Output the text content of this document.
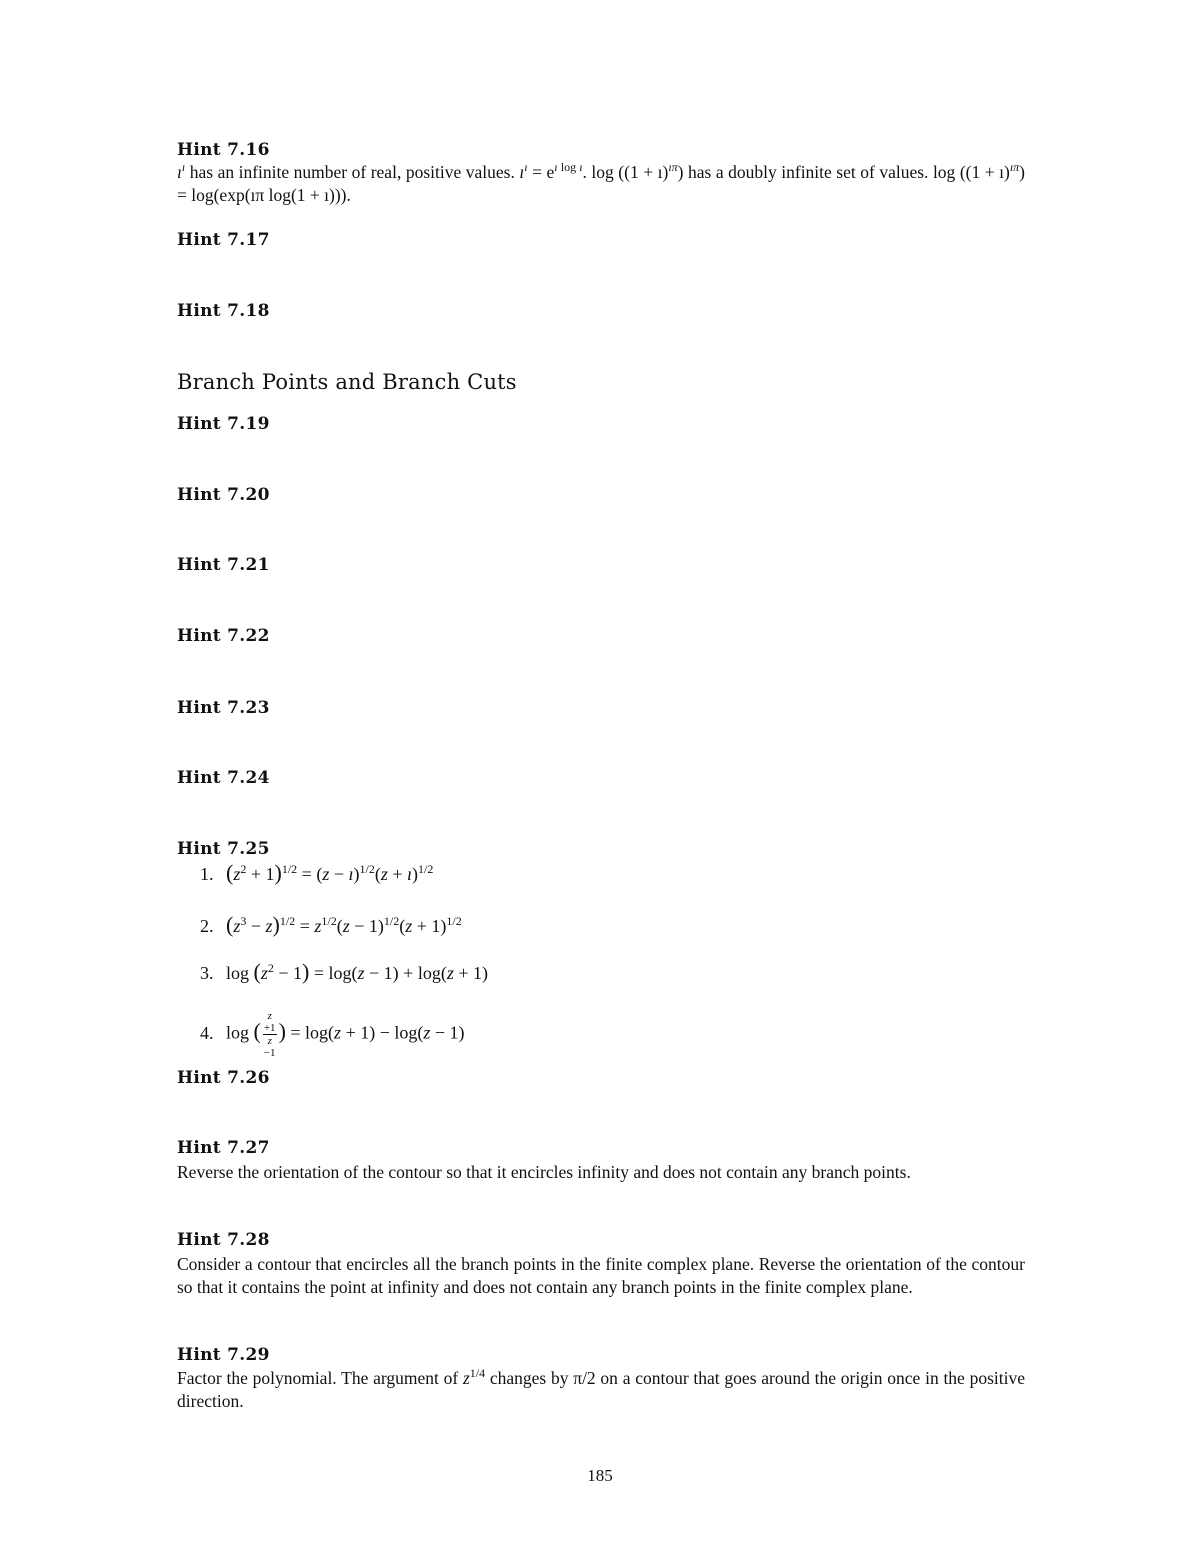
Hint 7.16
$ı^ı$ has an infinite number of real, positive values. $ı^ı = e^{ı log ı}$. log ((1 + ı)$^{ı\pi}$) has a doubly infinite set of values. log ((1 + ı)$^{ı\pi}$) = log(exp(ıπ log(1 + ı))).
Hint 7.17
Hint 7.18
Branch Points and Branch Cuts
Hint 7.19
Hint 7.20
Hint 7.21
Hint 7.22
Hint 7.23
Hint 7.24
Hint 7.25
1. $(z^2 + 1)^{1/2} = (z$ − ı)$^{1/2}$(z + ı)$^{1/2}$
2. $(z^3 - z)^{1/2} = z^{1/2}(z - 1)^{1/2}(z + 1)^{1/2}$
3. $\log (z^2 - 1) = \log(z - 1) + \log(z + 1)$
4. log ( z
+1
z
−1 ) = log(z + 1) − log(z − 1)
Hint 7.26
Hint 7.27
Reverse the orientation of the contour so that it encircles infinity and does not contain any branch points.
Hint 7.28
Consider a contour that encircles all the branch points in the finite complex plane. Reverse the orientation of the contour so that it contains the point at infinity and does not contain any branch points in the finite complex plane.
Hint 7.29
Factor the polynomial. The argument of $z^{1/4}$ changes by π/2 on a contour that goes around the origin once in the positive direction.
185
